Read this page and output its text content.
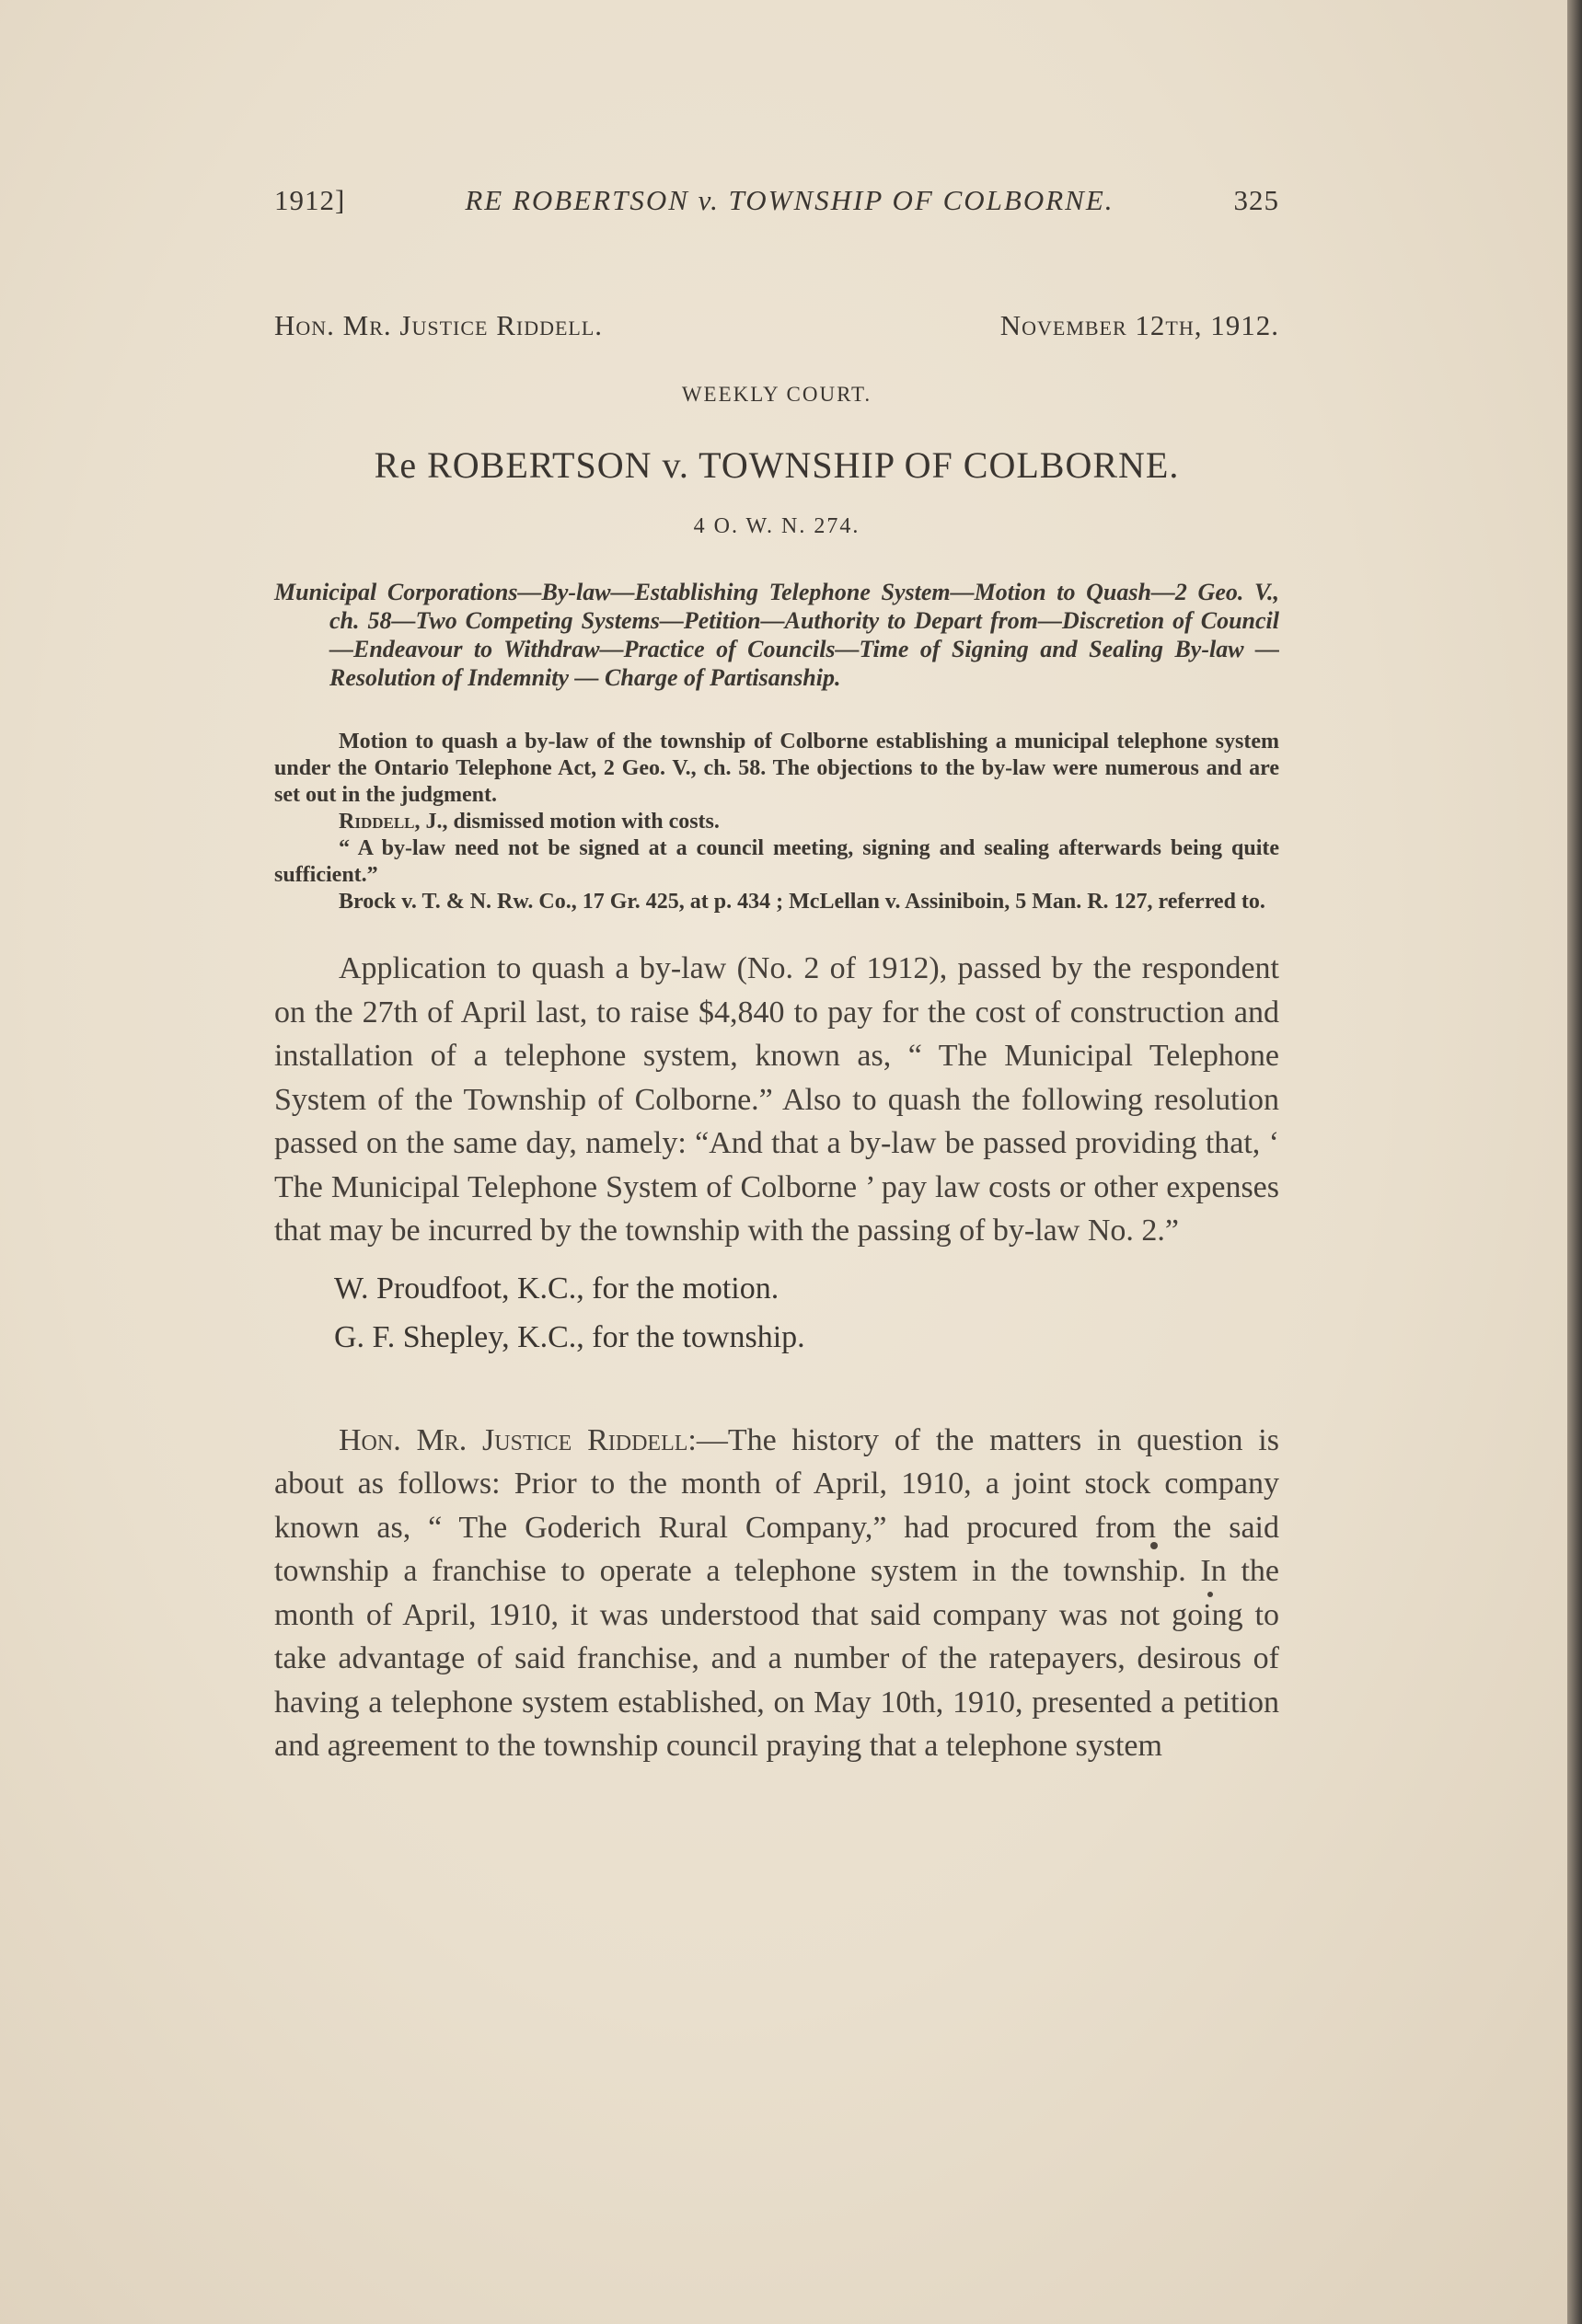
1912]	RE ROBERTSON v. TOWNSHIP OF COLBORNE.	325
Hon. Mr. Justice Riddell.	November 12th, 1912.
WEEKLY COURT.
Re ROBERTSON v. TOWNSHIP OF COLBORNE.
4 O. W. N. 274.
Municipal Corporations—By-law—Establishing Telephone System—Motion to Quash—2 Geo. V., ch. 58—Two Competing Systems—Petition—Authority to Depart from—Discretion of Council—Endeavour to Withdraw—Practice of Councils—Time of Signing and Sealing By-law — Resolution of Indemnity — Charge of Partisanship.

Motion to quash a by-law of the township of Colborne establishing a municipal telephone system under the Ontario Telephone Act, 2 Geo. V., ch. 58. The objections to the by-law were numerous and are set out in the judgment.

Riddell, J., dismissed motion with costs.

“ A by-law need not be signed at a council meeting, signing and sealing afterwards being quite sufficient.”

Brock v. T. & N. Rw. Co., 17 Gr. 425, at p. 434 ; McLellan v. Assiniboin, 5 Man. R. 127, referred to.

Application to quash a by-law (No. 2 of 1912), passed by the respondent on the 27th of April last, to raise $4,840 to pay for the cost of construction and installation of a telephone system, known as, “ The Municipal Telephone System of the Township of Colborne.” Also to quash the following resolution passed on the same day, namely: “And that a by-law be passed providing that, ‘ The Municipal Telephone System of Colborne ’ pay law costs or other expenses that may be incurred by the township with the passing of by-law No. 2.”

W. Proudfoot, K.C., for the motion.

G. F. Shepley, K.C., for the township.

Hon. Mr. Justice Riddell:—The history of the matters in question is about as follows: Prior to the month of April, 1910, a joint stock company known as, “ The Goderich Rural Company,” had procured from the said township a franchise to operate a telephone system in the township. In the month of April, 1910, it was understood that said company was not going to take advantage of said franchise, and a number of the ratepayers, desirous of having a telephone system established, on May 10th, 1910, presented a petition and agreement to the township council praying that a telephone system
